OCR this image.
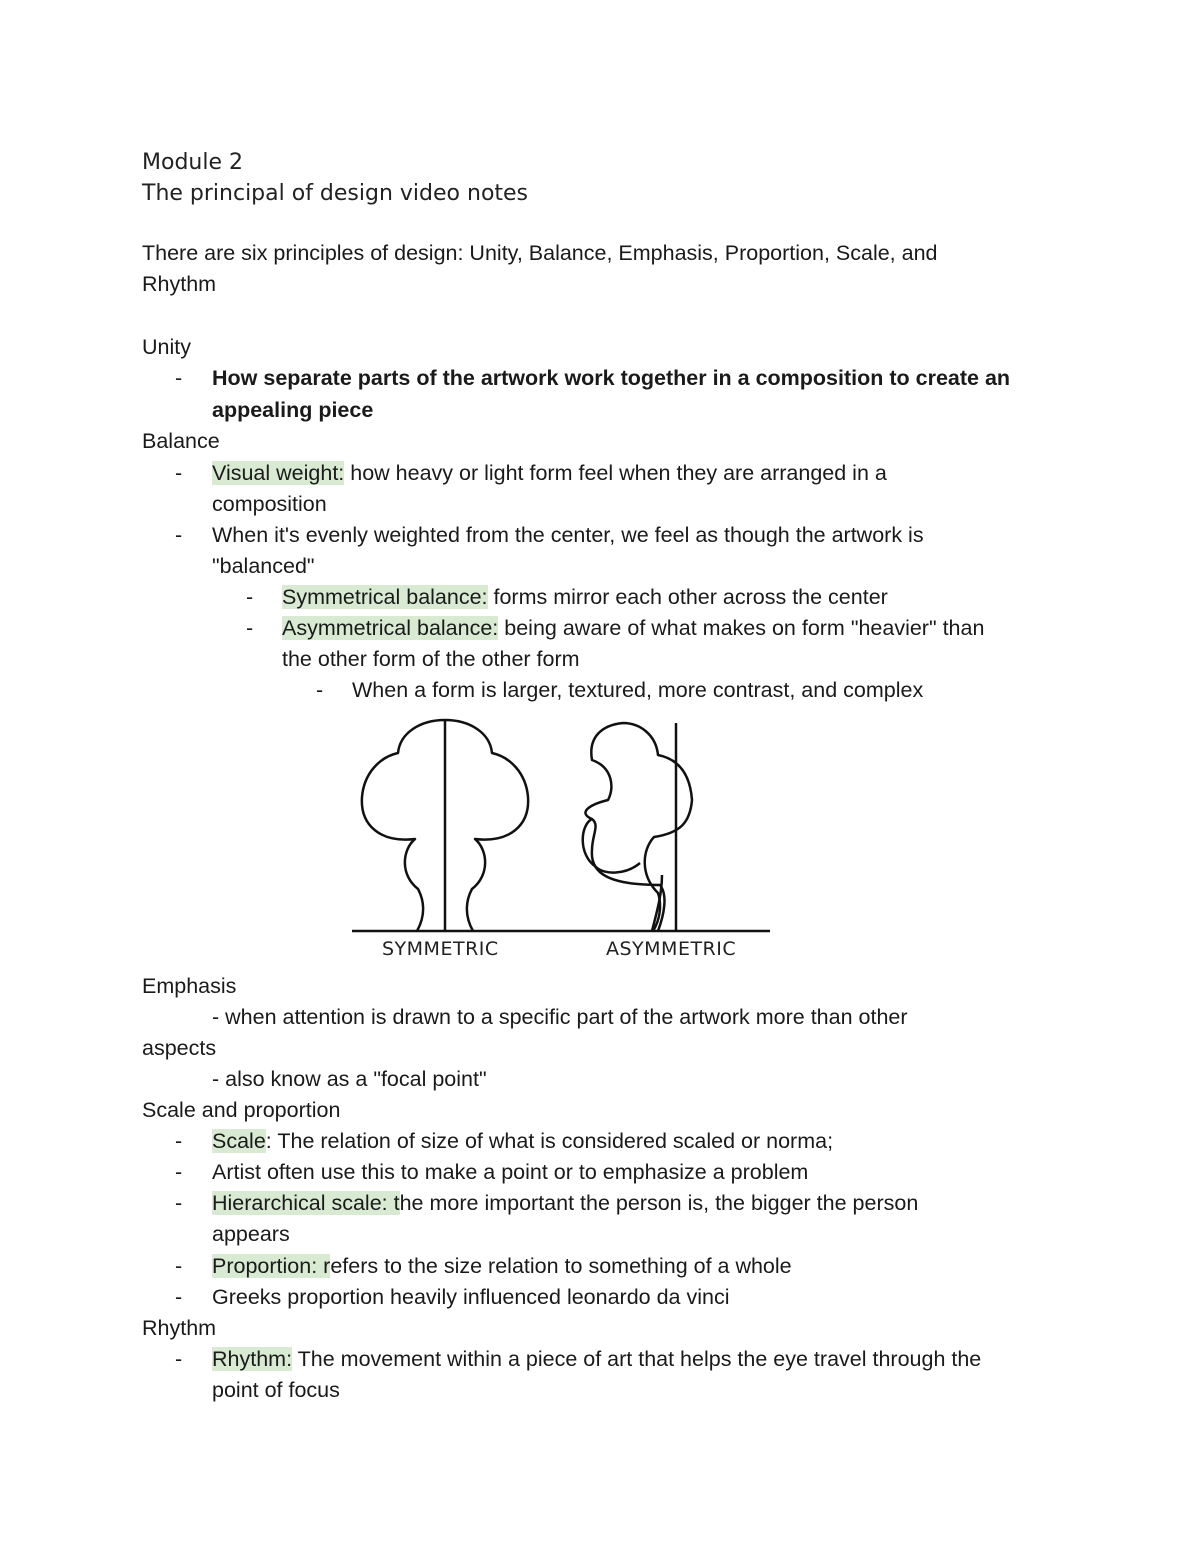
Module 2
The principal of design video notes
There are six principles of design: Unity, Balance, Emphasis, Proportion, Scale, and
Rhythm
Unity
- How separate parts of the artwork work together in a composition to create an
appealing piece
Balance
- Visual weight: how heavy or light form feel when they are arranged in a
composition
- When it's evenly weighted from the center, we feel as though the artwork is
"balanced"
- Symmetrical balance: forms mirror each other across the center
- Asymmetrical balance: being aware of what makes on form "heavier" than
the other form of the other form
- When a form is larger, textured, more contrast, and complex
SYMMETRIC	ASYMMETRIC
Emphasis
- when attention is drawn to a specific part of the artwork more than other
aspects
- also know as a "focal point"
Scale and proportion
- Scale: The relation of size of what is considered scaled or norma;
- Artist often use this to make a point or to emphasize a problem
- Hierarchical scale: the more important the person is, the bigger the person
appears
- Proportion: refers to the size relation to something of a whole
- Greeks proportion heavily influenced leonardo da vinci
Rhythm
- Rhythm: The movement within a piece of art that helps the eye travel through the
point of focus
